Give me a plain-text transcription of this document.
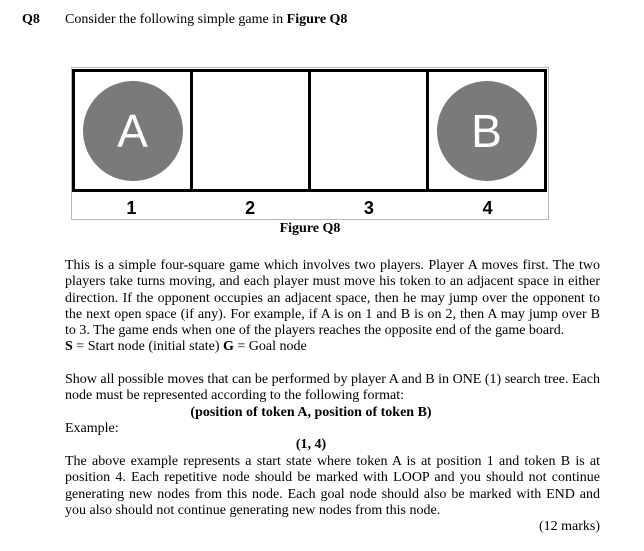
Q8 Consider the following simple game in Figure Q8
A	B
1	2	3	4
Figure Q8
This is a simple four-square game which involves two players. Player A moves first. The two players take turns moving, and each player must move his token to an adjacent space in either direction. If the opponent occupies an adjacent space, then he may jump over the opponent to the next open space (if any). For example, if A is on 1 and B is on 2, then A may jump over B to 3. The game ends when one of the players reaches the opposite end of the game board.
S = Start node (initial state) G = Goal node
Show all possible moves that can be performed by player A and B in ONE (1) search tree. Each node must be represented according to the following format:
(position of token A, position of token B)
Example:
(1, 4)
The above example represents a start state where token A is at position 1 and token B is at position 4. Each repetitive node should be marked with LOOP and you should not continue generating new nodes from this node. Each goal node should also be marked with END and you also should not continue generating new nodes from this node.
(12 marks)
